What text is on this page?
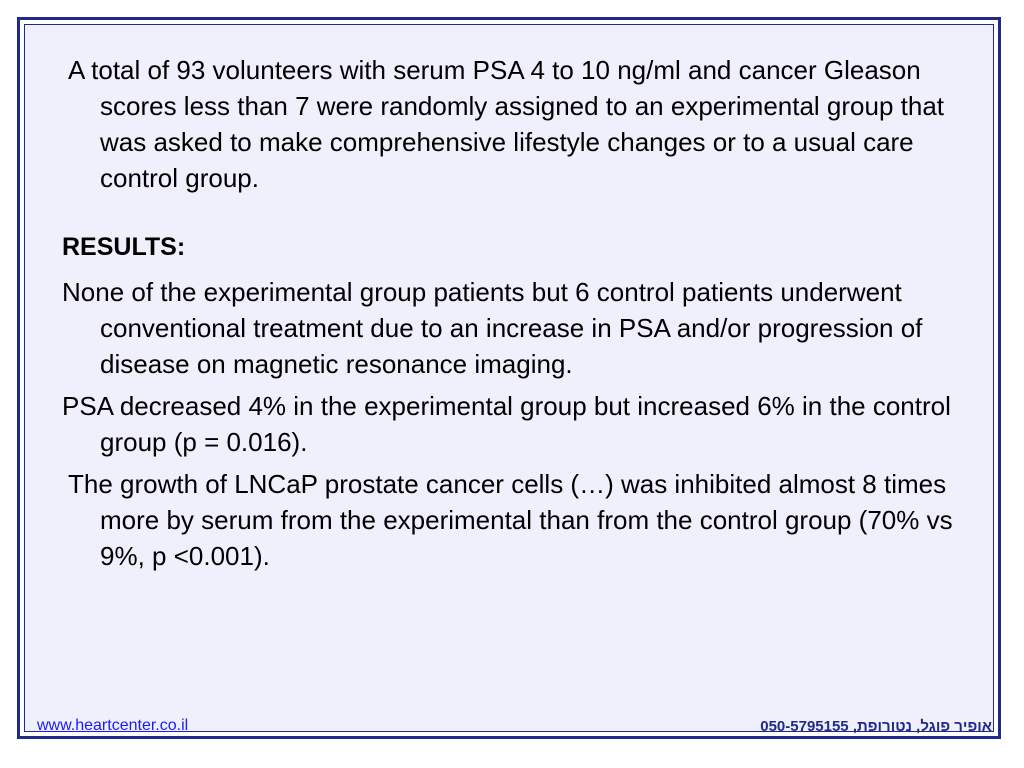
A total of 93 volunteers with serum PSA 4 to 10 ng/ml and cancer Gleason scores less than 7 were randomly assigned to an experimental group that was asked to make comprehensive lifestyle changes or to a usual care control group.

RESULTS:

None of the experimental group patients but 6 control patients underwent conventional treatment due to an increase in PSA and/or progression of disease on magnetic resonance imaging.

PSA decreased 4% in the experimental group but increased 6% in the control group (p = 0.016).

The growth of LNCaP prostate cancer cells (…) was inhibited almost 8 times more by serum from the experimental than from the control group (70% vs 9%, p <0.001).

www.heartcenter.co.il	אופיר פוגל, נטורופת, 050-5795155
